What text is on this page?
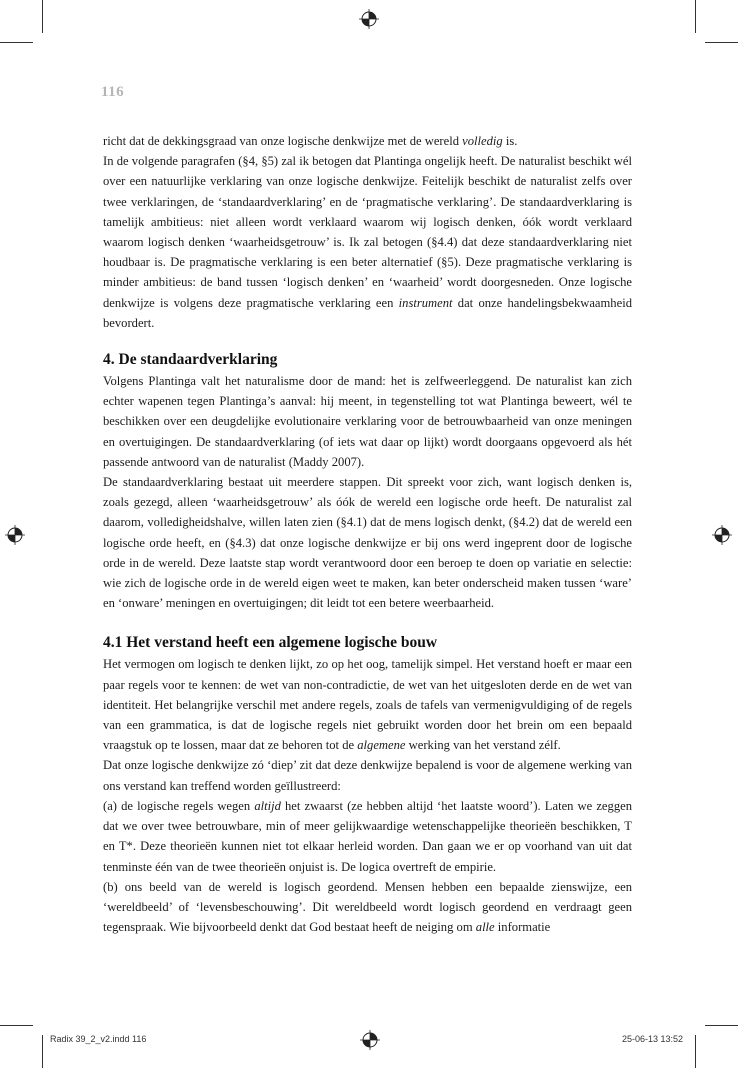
116

richt dat de dekkingsgraad van onze logische denkwijze met de wereld volledig is.

In de volgende paragrafen (§4, §5) zal ik betogen dat Plantinga ongelijk heeft. De naturalist beschikt wél over een natuurlijke verklaring van onze logische denkwijze. Feitelijk beschikt de naturalist zelfs over twee verklaringen, de ‘standaardverklaring’ en de ‘pragmatische verklaring’. De standaardverklaring is tamelijk ambitieus: niet alleen wordt verklaard waarom wij logisch denken, óók wordt verklaard waarom logisch denken ‘waarheidsgetrouw’ is. Ik zal betogen (§4.4) dat deze standaardverklaring niet houdbaar is. De pragmatische verklaring is een beter alternatief (§5). Deze pragmatische verklaring is minder ambitieus: de band tussen ‘logisch denken’ en ‘waarheid’ wordt doorgesneden. Onze logische denkwijze is volgens deze pragmatische verklaring een instrument dat onze handelingsbekwaamheid bevordert.

4. De standaardverklaring

Volgens Plantinga valt het naturalisme door de mand: het is zelfweerleggend. De naturalist kan zich echter wapenen tegen Plantinga’s aanval: hij meent, in tegenstelling tot wat Plantinga beweert, wél te beschikken over een deugdelijke evolutionaire verklaring voor de betrouwbaarheid van onze meningen en overtuigingen. De standaardverklaring (of iets wat daar op lijkt) wordt doorgaans opgevoerd als hét passende antwoord van de naturalist (Maddy 2007).

De standaardverklaring bestaat uit meerdere stappen. Dit spreekt voor zich, want logisch denken is, zoals gezegd, alleen ‘waarheidsgetrouw’ als óók de wereld een logische orde heeft. De naturalist zal daarom, volledigheidshalve, willen laten zien (§4.1) dat de mens logisch denkt, (§4.2) dat de wereld een logische orde heeft, en (§4.3) dat onze logische denkwijze er bij ons werd ingeprent door de logische orde in de wereld. Deze laatste stap wordt verantwoord door een beroep te doen op variatie en selectie: wie zich de logische orde in de wereld eigen weet te maken, kan beter onderscheid maken tussen ‘ware’ en ‘onware’ meningen en overtuigingen; dit leidt tot een betere weerbaarheid.

4.1 Het verstand heeft een algemene logische bouw

Het vermogen om logisch te denken lijkt, zo op het oog, tamelijk simpel. Het verstand hoeft er maar een paar regels voor te kennen: de wet van non-contradictie, de wet van het uitgesloten derde en de wet van identiteit. Het belangrijke verschil met andere regels, zoals de tafels van vermenigvuldiging of de regels van een grammatica, is dat de logische regels niet gebruikt worden door het brein om een bepaald vraagstuk op te lossen, maar dat ze behoren tot de algemene werking van het verstand zélf.

Dat onze logische denkwijze zó ‘diep’ zit dat deze denkwijze bepalend is voor de algemene werking van ons verstand kan treffend worden geïllustreerd:

(a) de logische regels wegen altijd het zwaarst (ze hebben altijd ‘het laatste woord’). Laten we zeggen dat we over twee betrouwbare, min of meer gelijkwaardige wetenschappelijke theorieën beschikken, T en T*. Deze theorieën kunnen niet tot elkaar herleid worden. Dan gaan we er op voorhand van uit dat tenminste één van de twee theorieën onjuist is. De logica overtreft de empirie.

(b) ons beeld van de wereld is logisch geordend. Mensen hebben een bepaalde zienswijze, een ‘wereldbeeld’ of ‘levensbeschouwing’. Dit wereldbeeld wordt logisch geordend en verdraagt geen tegenspraak. Wie bijvoorbeeld denkt dat God bestaat heeft de neiging om alle informatie

Radix 39_2_v2.indd 116	25-06-13 13:52
